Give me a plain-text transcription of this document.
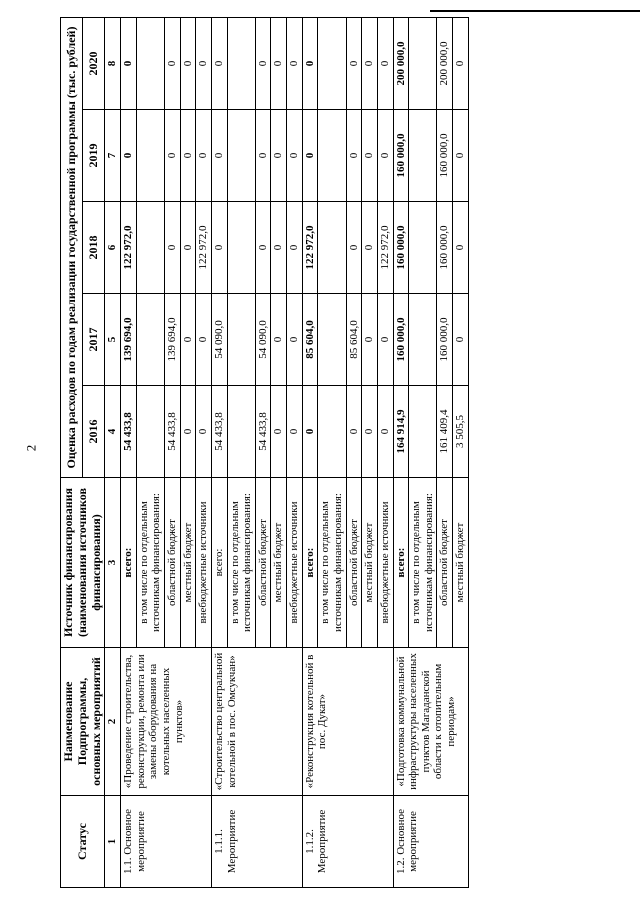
2
Статус	Наименование Подпрограммы, основных мероприятий	Источник финансирования (наименования источников финансирования)	Оценка расходов по годам реализации государственной программы (тыс. рублей)				
			2016	2017	2018	2019	2020
1	2	3	4	5	6	7	8
1.1. Основное мероприятие	«Проведение строительства, реконструкции, ремонта или замены оборудования на котельных населенных пунктов»	всего:	54 433,8	139 694,0	122 972,0	0	0
		в том числе по отдельным источникам финансирования:					
		областной бюджет	54 433,8	139 694,0	0	0	0
		местный бюджет	0	0	0	0	0
		внебюджетные источники	0	0	122 972,0	0	0
1.1.1. Мероприятие	«Строительство центральной котельной в пос. Омсукчан»	всего:	54 433,8	54 090,0	0	0	0
		в том числе по отдельным источникам финансирования:					
		областной бюджет	54 433,8	54 090,0	0	0	0
		местный бюджет	0	0	0	0	0
		внебюджетные источники	0	0	0	0	0
1.1.2. Мероприятие	«Реконструкция котельной в пос. Дукат»	всего:	0	85 604,0	122 972,0	0	0
		в том числе по отдельным источникам финансирования:					
		областной бюджет	0	85 604,0	0	0	0
		местный бюджет	0	0	0	0	0
		внебюджетные источники	0	0	122 972,0	0	0
1.2. Основное мероприятие	«Подготовка коммунальной инфраструктуры населенных пунктов Магаданской области к отопительным периодам»	всего:	164 914,9	160 000,0	160 000,0	160 000,0	200 000,0
		в том числе по отдельным источникам финансирования:					
		областной бюджет	161 409,4	160 000,0	160 000,0	160 000,0	200 000,0
		местный бюджет	3 505,5	0	0	0	0
